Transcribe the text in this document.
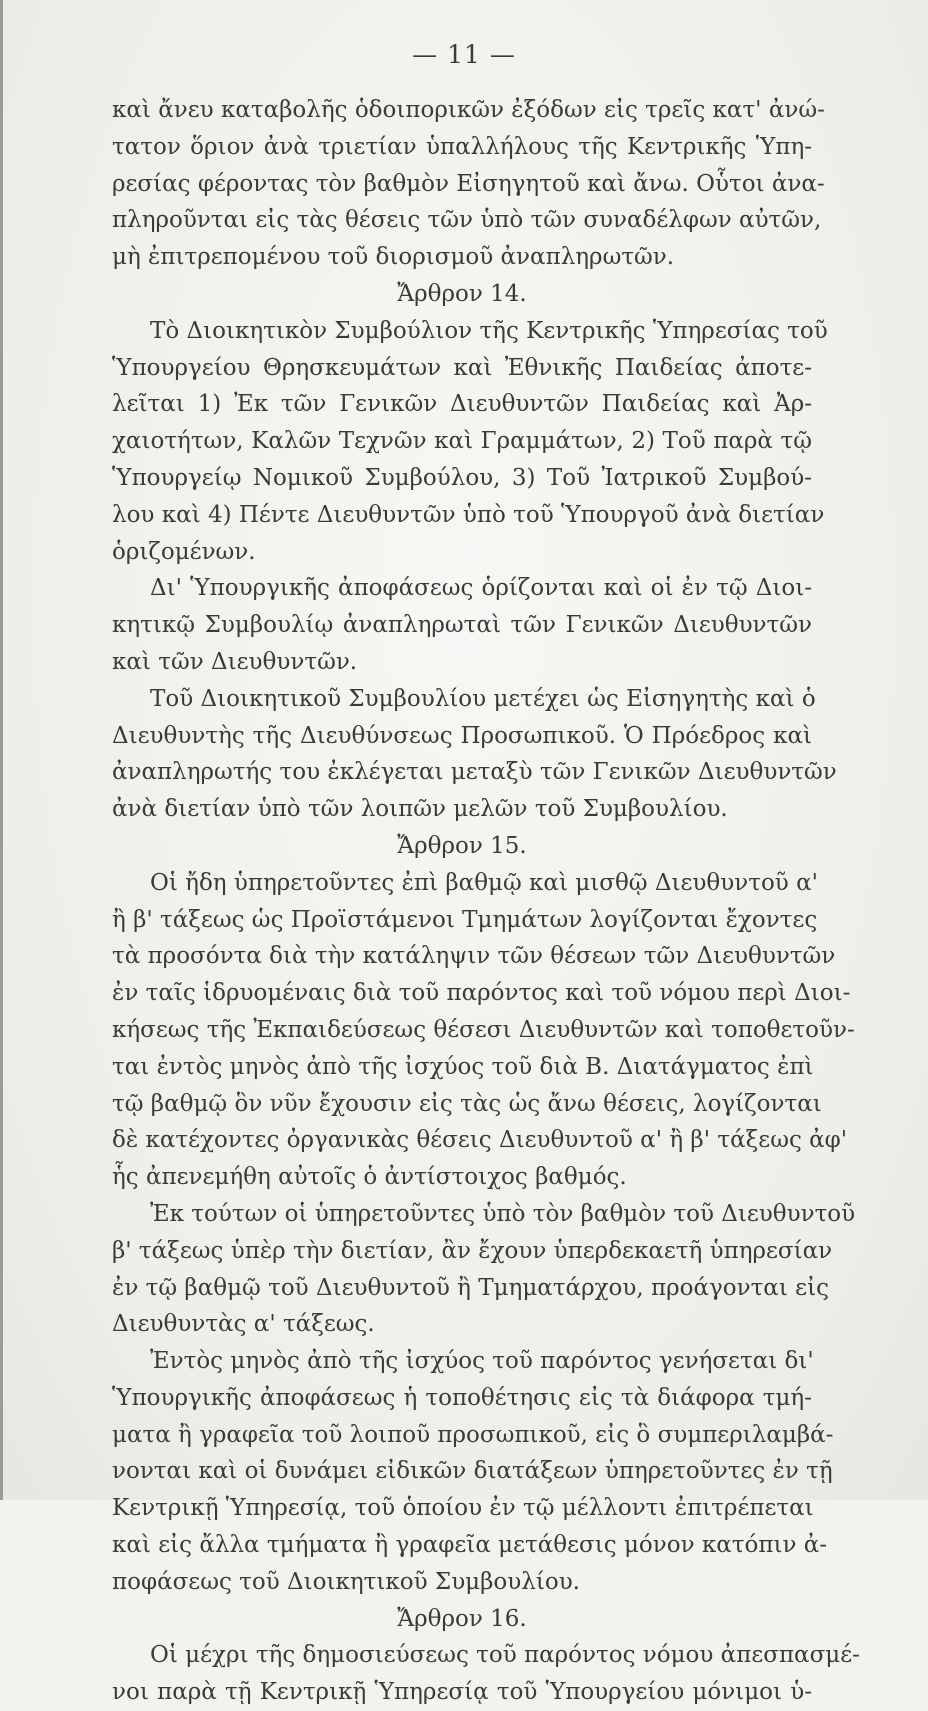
— 11 —
καὶ ἄνευ καταβολῆς ὁδοιπορικῶν ἐξόδων εἰς τρεῖς κατ' ἀνώ-
τατον ὅριον ἀνὰ τριετίαν ὑπαλλήλους τῆς Κεντρικῆς Ὑπη-
ρεσίας φέροντας τὸν βαθμὸν Εἰσηγητοῦ καὶ ἄνω. Οὗτοι ἀνα-
πληροῦνται εἰς τὰς θέσεις τῶν ὑπὸ τῶν συναδέλφων αὐτῶν,
μὴ ἐπιτρεπομένου τοῦ διορισμοῦ ἀναπληρωτῶν.
Ἄρθρον 14.
Τὸ Διοικητικὸν Συμβούλιον τῆς Κεντρικῆς Ὑπηρεσίας τοῦ
Ὑπουργείου Θρησκευμάτων καὶ Ἐθνικῆς Παιδείας ἀποτε-
λεῖται 1) Ἐκ τῶν Γενικῶν Διευθυντῶν Παιδείας καὶ Ἀρ-
χαιοτήτων, Καλῶν Τεχνῶν καὶ Γραμμάτων, 2) Τοῦ παρὰ τῷ
Ὑπουργείῳ Νομικοῦ Συμβούλου, 3) Τοῦ Ἰατρικοῦ Συμβού-
λου καὶ 4) Πέντε Διευθυντῶν ὑπὸ τοῦ Ὑπουργοῦ ἀνὰ διετίαν
ὁριζομένων.
Δι' Ὑπουργικῆς ἀποφάσεως ὁρίζονται καὶ οἱ ἐν τῷ Διοι-
κητικῷ Συμβουλίῳ ἀναπληρωταὶ τῶν Γενικῶν Διευθυντῶν
καὶ τῶν Διευθυντῶν.
Τοῦ Διοικητικοῦ Συμβουλίου μετέχει ὡς Εἰσηγητὴς καὶ ὁ
Διευθυντὴς τῆς Διευθύνσεως Προσωπικοῦ. Ὁ Πρόεδρος καὶ
ἀναπληρωτής του ἐκλέγεται μεταξὺ τῶν Γενικῶν Διευθυντῶν
ἀνὰ διετίαν ὑπὸ τῶν λοιπῶν μελῶν τοῦ Συμβουλίου.
Ἄρθρον 15.
Οἱ ἤδη ὑπηρετοῦντες ἐπὶ βαθμῷ καὶ μισθῷ Διευθυντοῦ α'
ἢ β' τάξεως ὡς Προϊστάμενοι Τμημάτων λογίζονται ἔχοντες
τὰ προσόντα διὰ τὴν κατάληψιν τῶν θέσεων τῶν Διευθυντῶν
ἐν ταῖς ἱδρυομέναις διὰ τοῦ παρόντος καὶ τοῦ νόμου περὶ Διοι-
κήσεως τῆς Ἐκπαιδεύσεως θέσεσι Διευθυντῶν καὶ τοποθετοῦν-
ται ἐντὸς μηνὸς ἀπὸ τῆς ἰσχύος τοῦ διὰ Β. Διατάγματος ἐπὶ
τῷ βαθμῷ ὃν νῦν ἔχουσιν εἰς τὰς ὡς ἄνω θέσεις, λογίζονται
δὲ κατέχοντες ὀργανικὰς θέσεις Διευθυντοῦ α' ἢ β' τάξεως ἀφ'
ἧς ἀπενεμήθη αὐτοῖς ὁ ἀντίστοιχος βαθμός.
Ἐκ τούτων οἱ ὑπηρετοῦντες ὑπὸ τὸν βαθμὸν τοῦ Διευθυντοῦ
β' τάξεως ὑπὲρ τὴν διετίαν, ἂν ἔχουν ὑπερδεκαετῆ ὑπηρεσίαν
ἐν τῷ βαθμῷ τοῦ Διευθυντοῦ ἢ Τμηματάρχου, προάγονται εἰς
Διευθυντὰς α' τάξεως.
Ἐντὸς μηνὸς ἀπὸ τῆς ἰσχύος τοῦ παρόντος γενήσεται δι'
Ὑπουργικῆς ἀποφάσεως ἡ τοποθέτησις εἰς τὰ διάφορα τμή-
ματα ἢ γραφεῖα τοῦ λοιποῦ προσωπικοῦ, εἰς ὃ συμπεριλαμβά-
νονται καὶ οἱ δυνάμει εἰδικῶν διατάξεων ὑπηρετοῦντες ἐν τῇ
Κεντρικῇ Ὑπηρεσίᾳ, τοῦ ὁποίου ἐν τῷ μέλλοντι ἐπιτρέπεται
καὶ εἰς ἄλλα τμήματα ἢ γραφεῖα μετάθεσις μόνον κατόπιν ἀ-
ποφάσεως τοῦ Διοικητικοῦ Συμβουλίου.
Ἄρθρον 16.
Οἱ μέχρι τῆς δημοσιεύσεως τοῦ παρόντος νόμου ἀπεσπασμέ-
νοι παρὰ τῇ Κεντρικῇ Ὑπηρεσίᾳ τοῦ Ὑπουργείου μόνιμοι ὑ-
